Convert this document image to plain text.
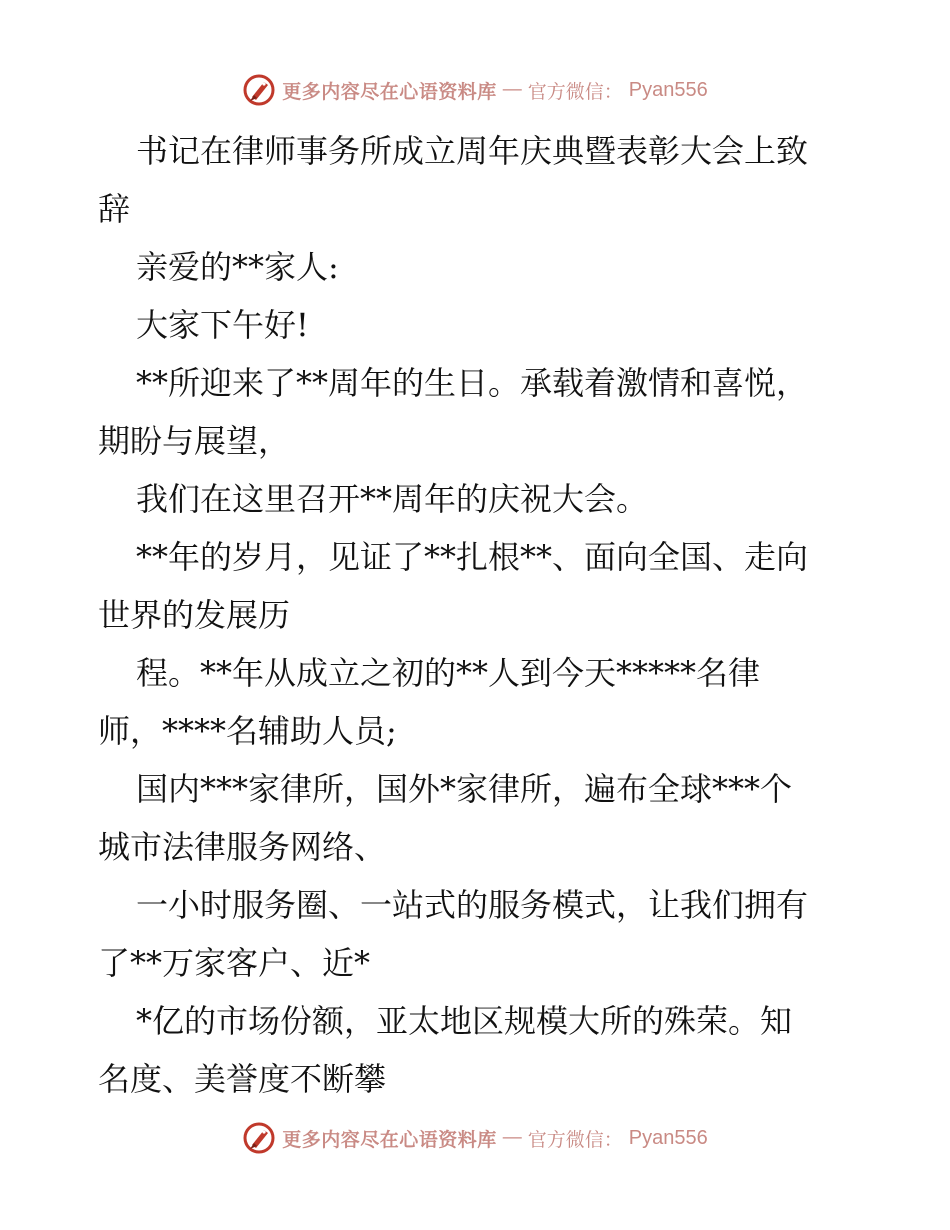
更多内容尽在心语资料库 — 官方微信： Pyan556

书记在律师事务所成立周年庆典暨表彰大会上致

辞

亲爱的**家人:

大家下午好!

**所迎来了**周年的生日。承载着激情和喜悦，

期盼与展望，

我们在这里召开**周年的庆祝大会。

**年的岁月，见证了**扎根**、面向全国、走向

世界的发展历

程。**年从成立之初的**人到今天*****名律

师，****名辅助人员;

国内***家律所，国外*家律所，遍布全球***个

城市法律服务网络、

一小时服务圈、一站式的服务模式，让我们拥有

了**万家客户、近*

*亿的市场份额，亚太地区规模大所的殊荣。知

名度、美誉度不断攀

更多内容尽在心语资料库 — 官方微信： Pyan556
